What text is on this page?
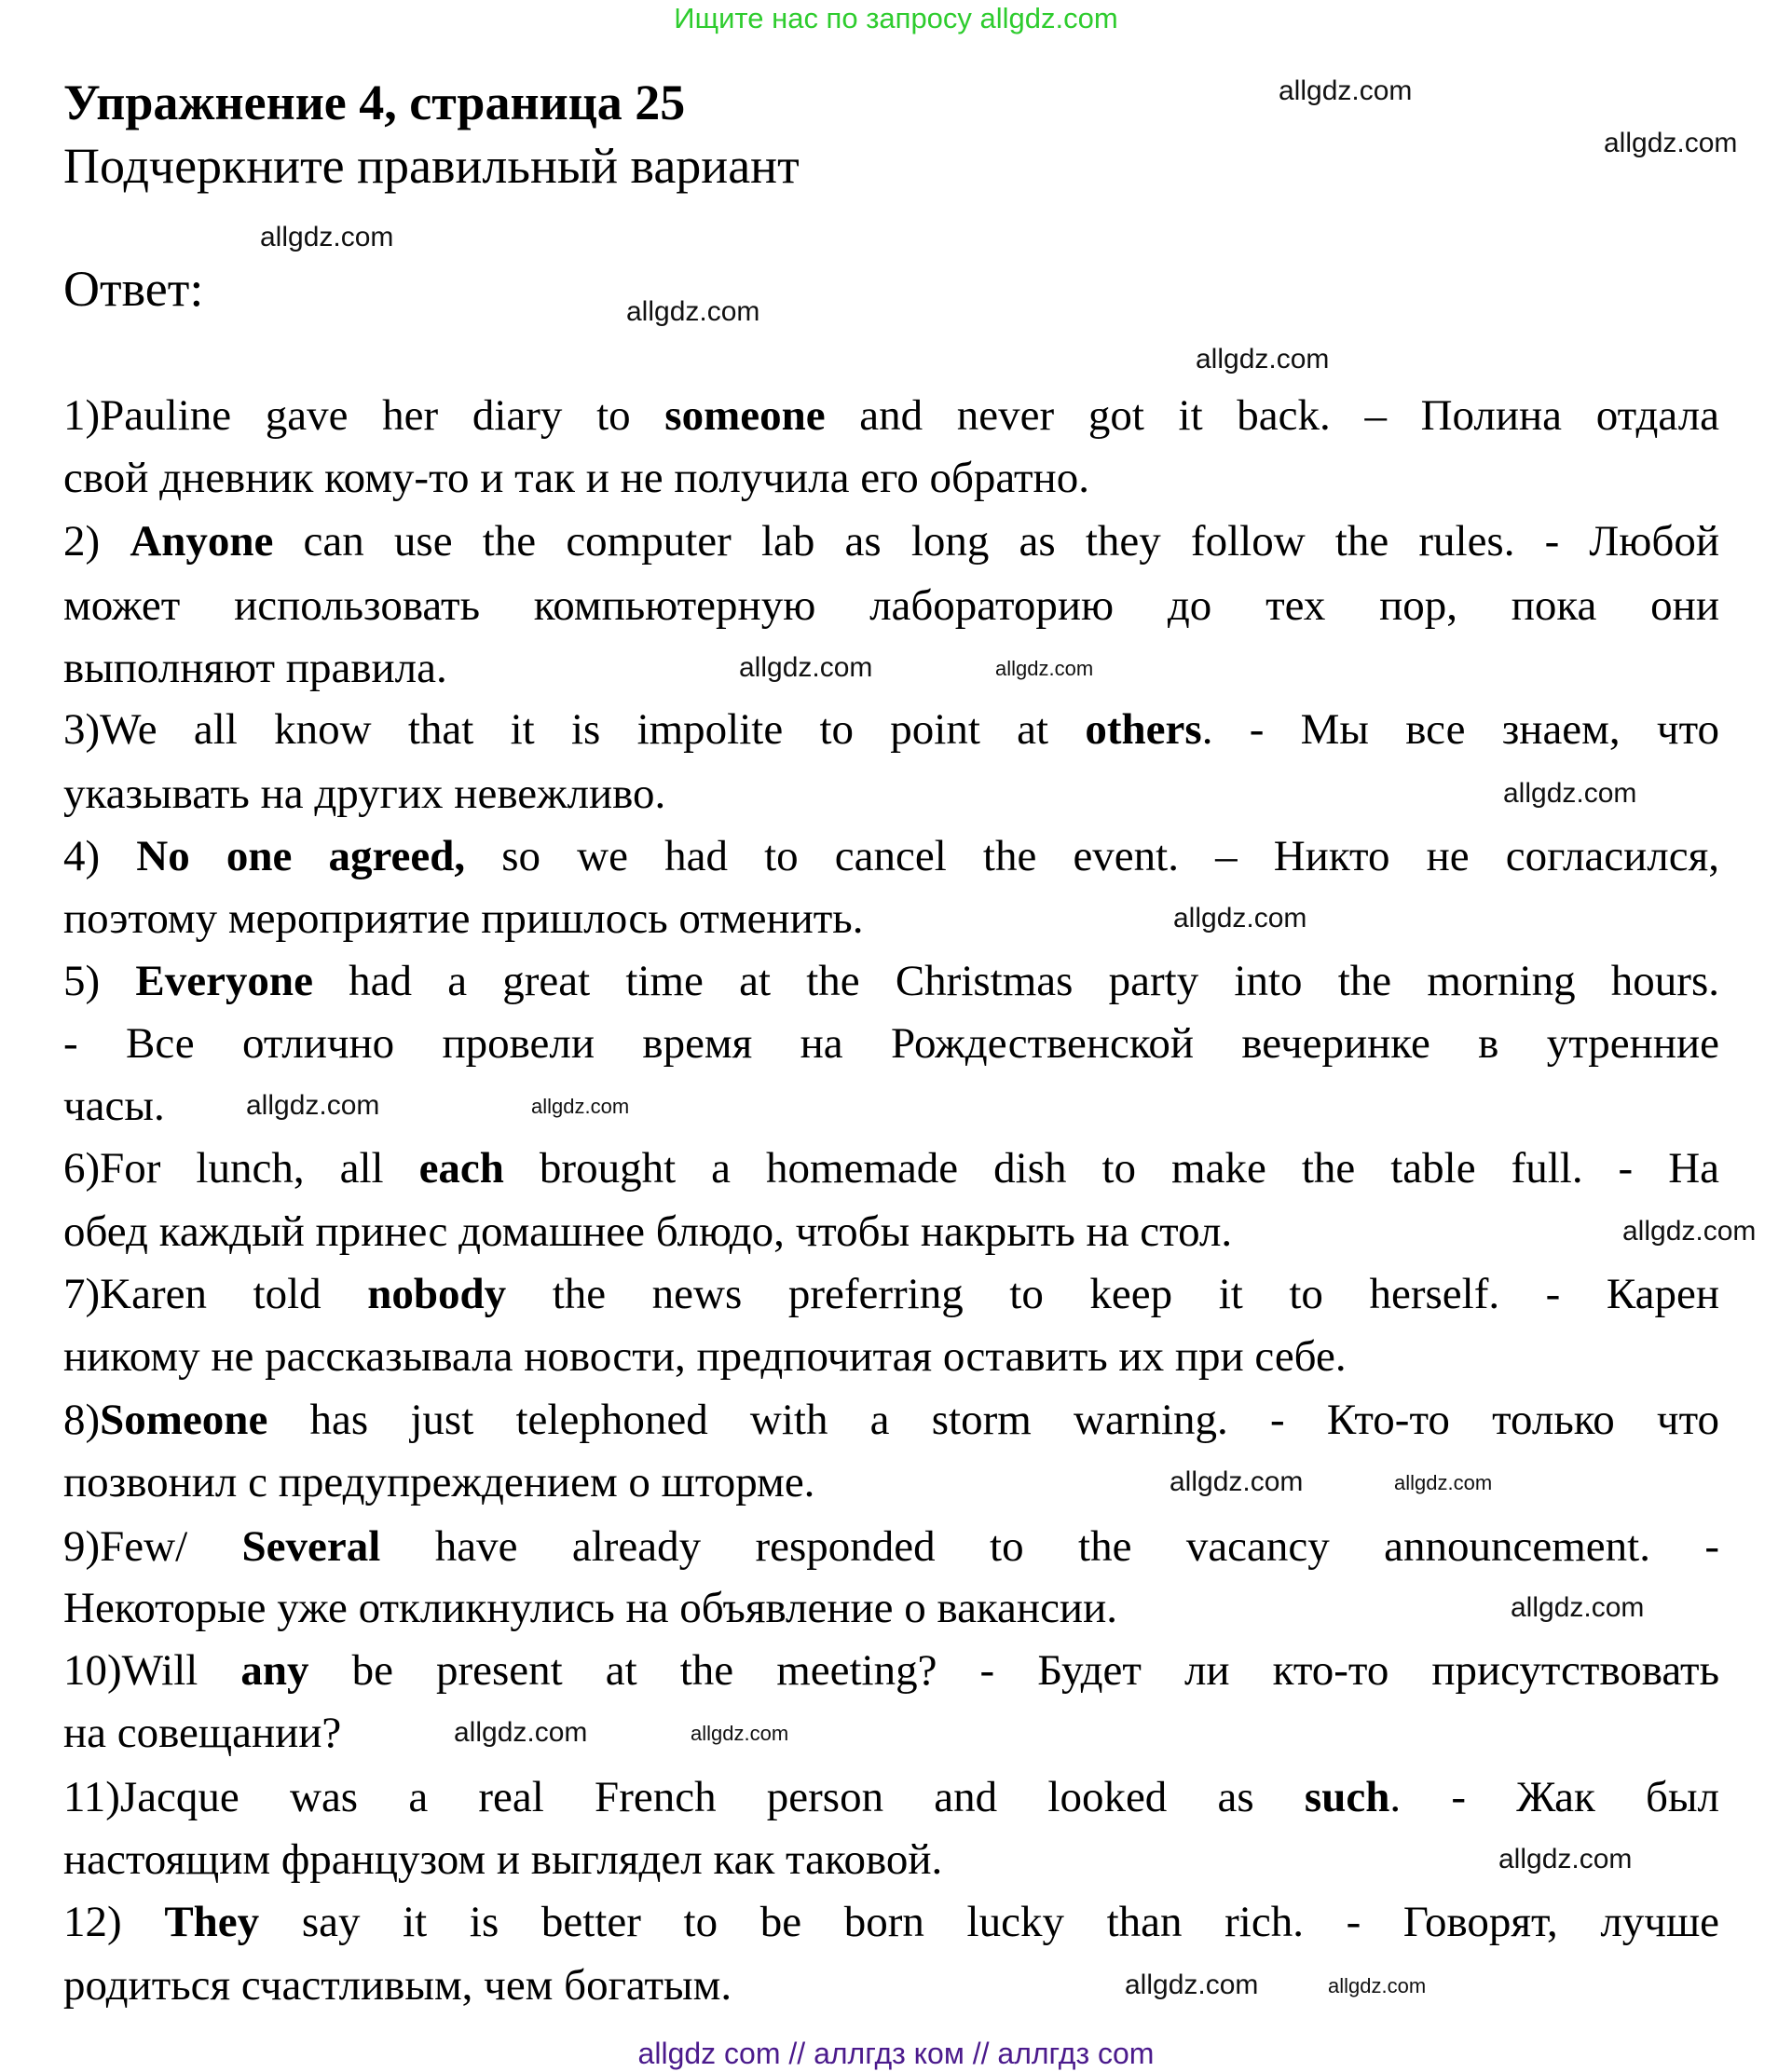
Ищите нас по запросу allgdz.com
Упражнение 4, страница 25
Подчеркните правильный вариант
Ответ:
1)Pauline gave her diary to someone and never got it back. – Полина отдала
свой дневник кому-то и так и не получила его обратно.
2) Anyone can use the computer lab as long as they follow the rules. - Любой
может использовать компьютерную лабораторию до тех пор, пока они
выполняют правила.
3)We all know that it is impolite to point at others. - Мы все знаем, что
указывать на других невежливо.
4) No one agreed, so we had to cancel the event. – Никто не согласился,
поэтому мероприятие пришлось отменить.
5) Everyone had a great time at the Christmas party into the morning hours.
- Все отлично провели время на Рождественской вечеринке в утренние
часы.
6)For lunch, all each brought a homemade dish to make the table full. - На
обед каждый принес домашнее блюдо, чтобы накрыть на стол.
7)Karen told nobody the news preferring to keep it to herself. - Карен
никому не рассказывала новости, предпочитая оставить их при себе.
8)Someone has just telephoned with a storm warning. - Кто-то только что
позвонил с предупреждением о шторме.
9)Few/ Several have already responded to the vacancy announcement. -
Некоторые уже откликнулись на объявление о вакансии.
10)Will any be present at the meeting? - Будет ли кто-то присутствовать
на совещании?
11)Jacque was a real French person and looked as such. - Жак был
настоящим французом и выглядел как таковой.
12) They say it is better to be born lucky than rich. - Говорят, лучше
родиться счастливым, чем богатым.
allgdz.com
allgdz.com
allgdz.com
allgdz.com
allgdz.com
allgdz.com
allgdz.com
allgdz.com
allgdz.com
allgdz.com
allgdz.com
allgdz.com
allgdz.com
allgdz.com
allgdz.com
allgdz.com	allgdz.com
allgdz.com
allgdz.com
allgdz.com
allgdz com // аллгдз ком // аллгдз com
